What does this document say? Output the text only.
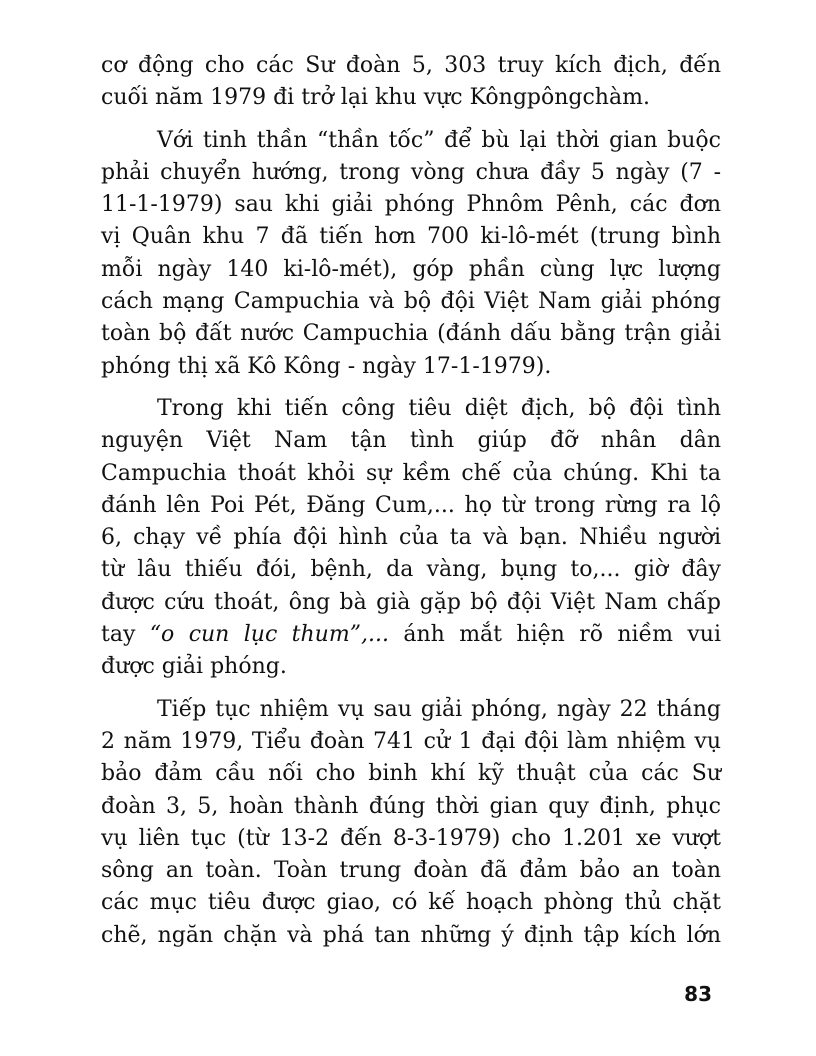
cơ động cho các Sư đoàn 5, 303 truy kích địch, đến
cuối năm 1979 đi trở lại khu vực Kôngpôngchàm.
Với tinh thần “thần tốc” để bù lại thời gian buộc
phải chuyển hướng, trong vòng chưa đầy 5 ngày (7 -
11-1-1979) sau khi giải phóng Phnôm Pênh, các đơn
vị Quân khu 7 đã tiến hơn 700 ki-lô-mét (trung bình
mỗi ngày 140 ki-lô-mét), góp phần cùng lực lượng
cách mạng Campuchia và bộ đội Việt Nam giải phóng
toàn bộ đất nước Campuchia (đánh dấu bằng trận giải
phóng thị xã Kô Kông - ngày 17-1-1979).
Trong khi tiến công tiêu diệt địch, bộ đội tình
nguyện Việt Nam tận tình giúp đỡ nhân dân
Campuchia thoát khỏi sự kềm chế của chúng. Khi ta
đánh lên Poi Pét, Đăng Cum,... họ từ trong rừng ra lộ
6, chạy về phía đội hình của ta và bạn. Nhiều người
từ lâu thiếu đói, bệnh, da vàng, bụng to,... giờ đây
được cứu thoát, ông bà già gặp bộ đội Việt Nam chấp
tay “o cun lục thum”,... ánh mắt hiện rõ niềm vui
được giải phóng.
Tiếp tục nhiệm vụ sau giải phóng, ngày 22 tháng
2 năm 1979, Tiểu đoàn 741 cử 1 đại đội làm nhiệm vụ
bảo đảm cầu nối cho binh khí kỹ thuật của các Sư
đoàn 3, 5, hoàn thành đúng thời gian quy định, phục
vụ liên tục (từ 13-2 đến 8-3-1979) cho 1.201 xe vượt
sông an toàn. Toàn trung đoàn đã đảm bảo an toàn
các mục tiêu được giao, có kế hoạch phòng thủ chặt
chẽ, ngăn chặn và phá tan những ý định tập kích lớn
83
